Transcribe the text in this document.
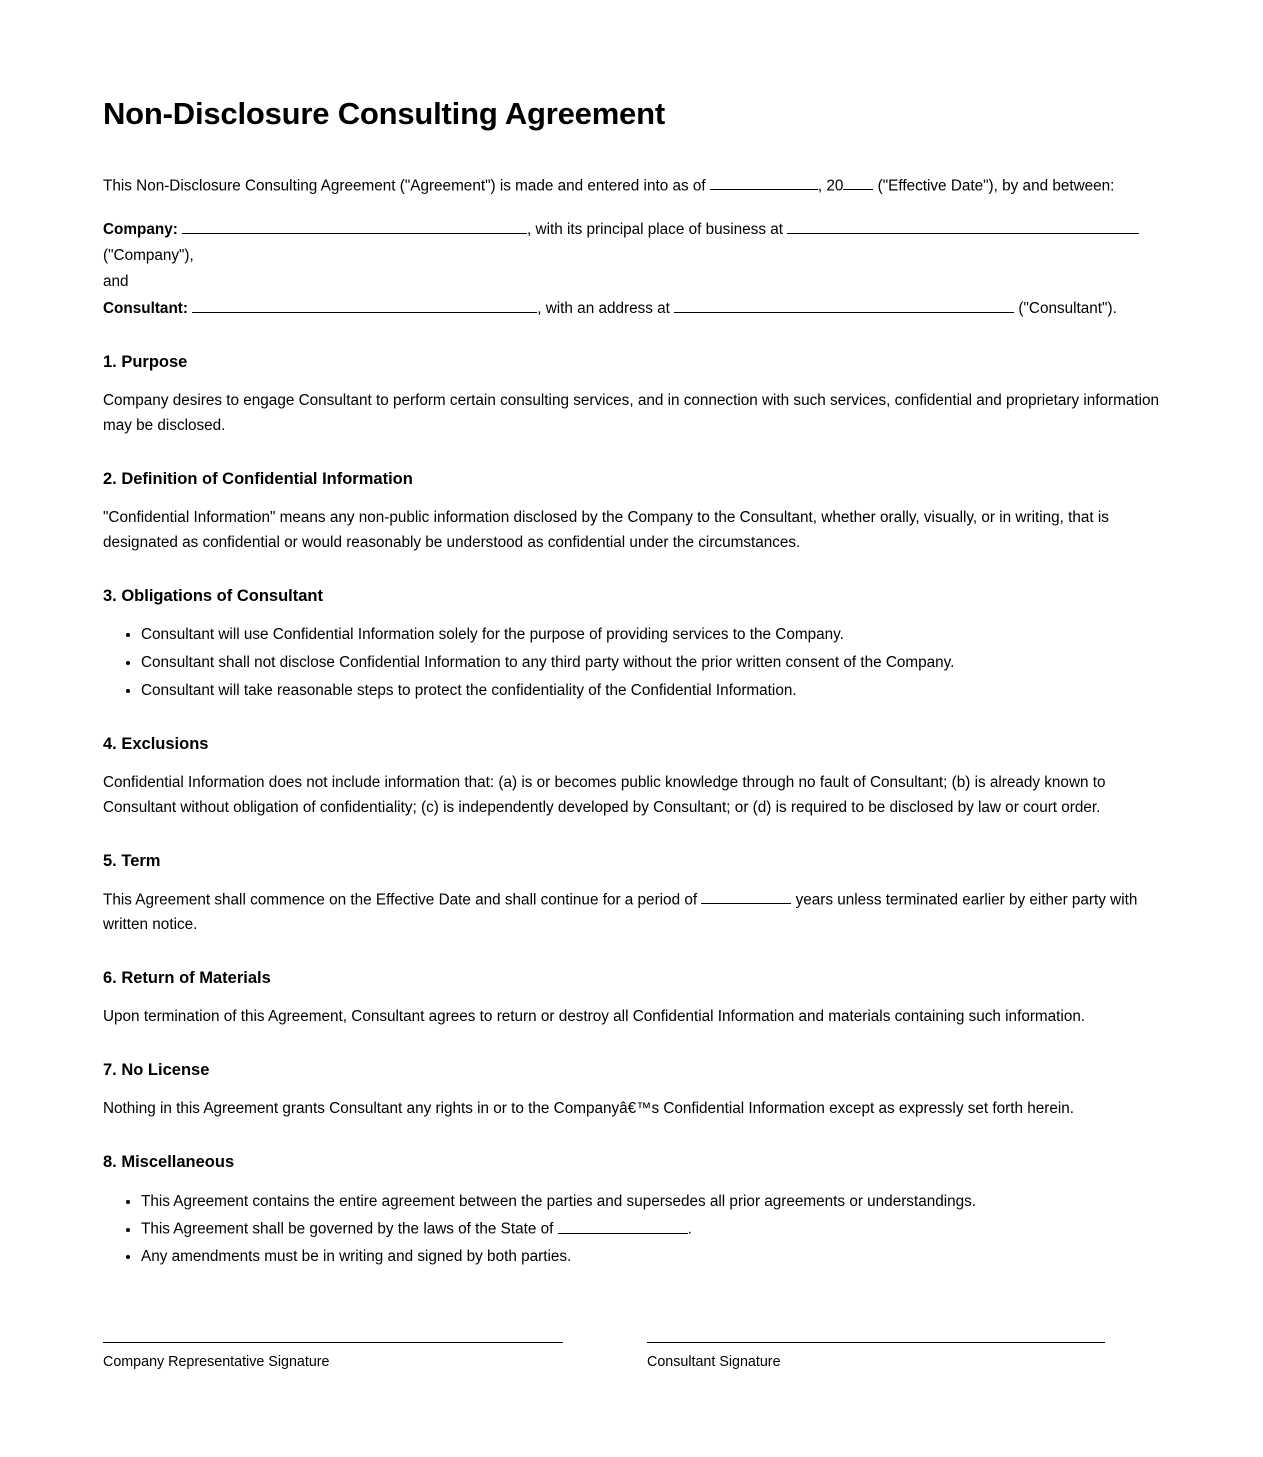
Non-Disclosure Consulting Agreement

This Non-Disclosure Consulting Agreement ("Agreement") is made and entered into as of	, 20 ("Effective Date"), by and between:

Company:	, with its principal place of business at
("Company"),
and
Consultant:	, with an address at	("Consultant").
1. Purpose

Company desires to engage Consultant to perform certain consulting services, and in connection with such services, confidential and proprietary information may be disclosed.

2. Definition of Confidential Information

"Confidential Information" means any non-public information disclosed by the Company to the Consultant, whether orally, visually, or in writing, that is designated as confidential or would reasonably be understood as confidential under the circumstances.

3. Obligations of Consultant
• Consultant will use Confidential Information solely for the purpose of providing services to the Company.
• Consultant shall not disclose Confidential Information to any third party without the prior written consent of the Company.
• Consultant will take reasonable steps to protect the confidentiality of the Confidential Information.
4. Exclusions

Confidential Information does not include information that: (a) is or becomes public knowledge through no fault of Consultant; (b) is already known to Consultant without obligation of confidentiality; (c) is independently developed by Consultant; or (d) is required to be disclosed by law or court order.

5. Term

This Agreement shall commence on the Effective Date and shall continue for a period of	years unless terminated earlier by either party with written notice.

6. Return of Materials

Upon termination of this Agreement, Consultant agrees to return or destroy all Confidential Information and materials containing such information.

7. No License

Nothing in this Agreement grants Consultant any rights in or to the Companyâ€™s Confidential Information except as expressly set forth herein.

8. Miscellaneous
• This Agreement contains the entire agreement between the parties and supersedes all prior agreements or understandings.
• This Agreement shall be governed by the laws of the State of	.
• Any amendments must be in writing and signed by both parties.
Company Representative Signature	Consultant Signature
